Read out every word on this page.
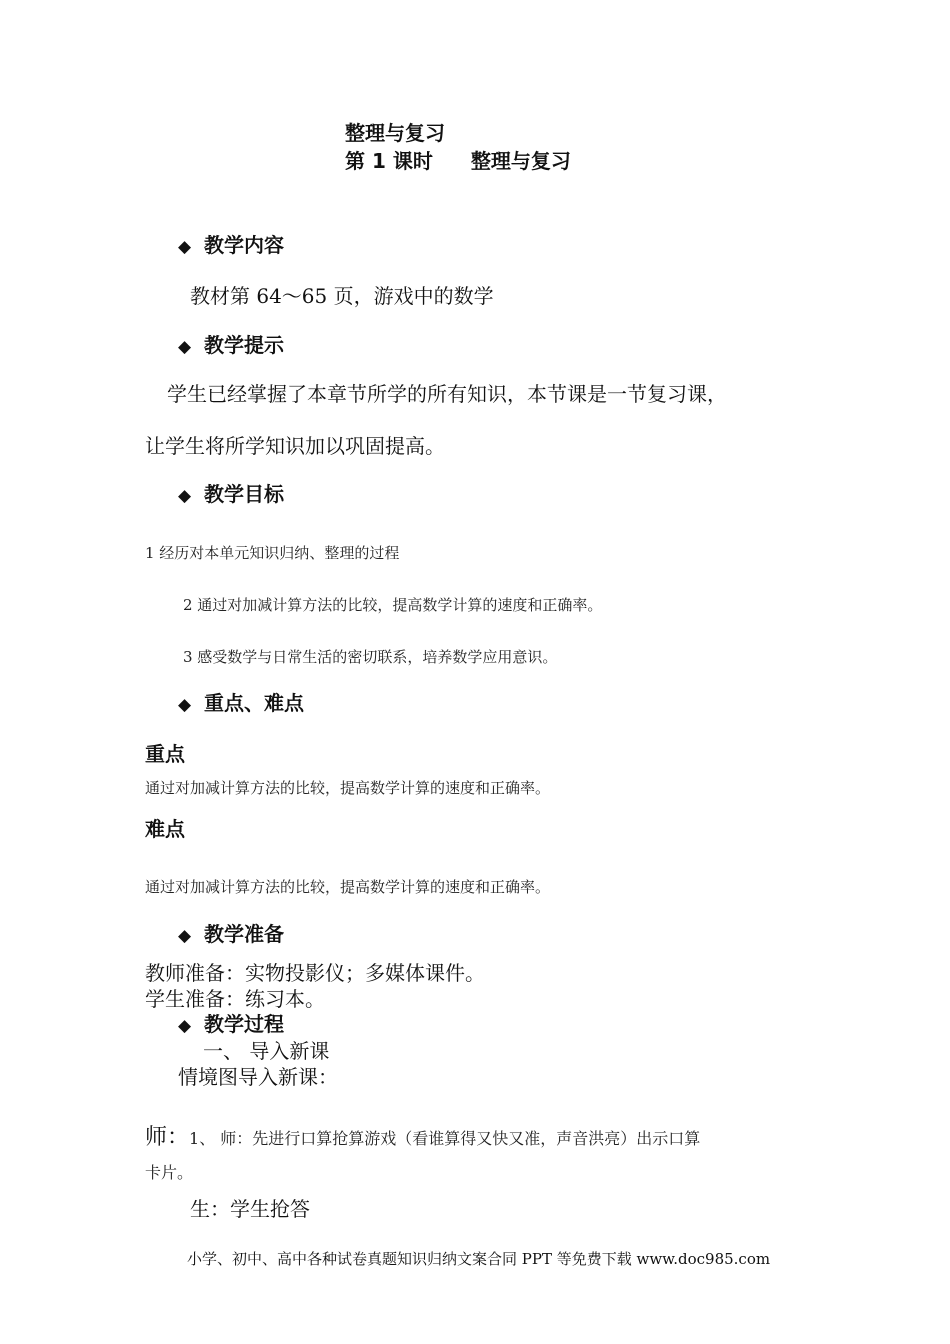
整理与复习
第 1 课时 整理与复习
◆ 教学内容
教材第 64～65 页，游戏中的数学
◆ 教学提示
学生已经掌握了本章节所学的所有知识，本节课是一节复习课，
让学生将所学知识加以巩固提高。
◆ 教学目标
1 经历对本单元知识归纳、整理的过程
2 通过对加减计算方法的比较，提高数学计算的速度和正确率。
3 感受数学与日常生活的密切联系，培养数学应用意识。
◆ 重点、难点
重点
通过对加减计算方法的比较，提高数学计算的速度和正确率。
难点
通过对加减计算方法的比较，提高数学计算的速度和正确率。
◆ 教学准备
教师准备：实物投影仪；多媒体课件。
学生准备：练习本。
◆ 教学过程
一、 导入新课
情境图导入新课：
师：1、 师：先进行口算抢算游戏（看谁算得又快又准，声音洪亮）出示口算
卡片。
生：学生抢答
小学、初中、高中各种试卷真题知识归纳文案合同 PPT 等免费下载 www.doc985.com
